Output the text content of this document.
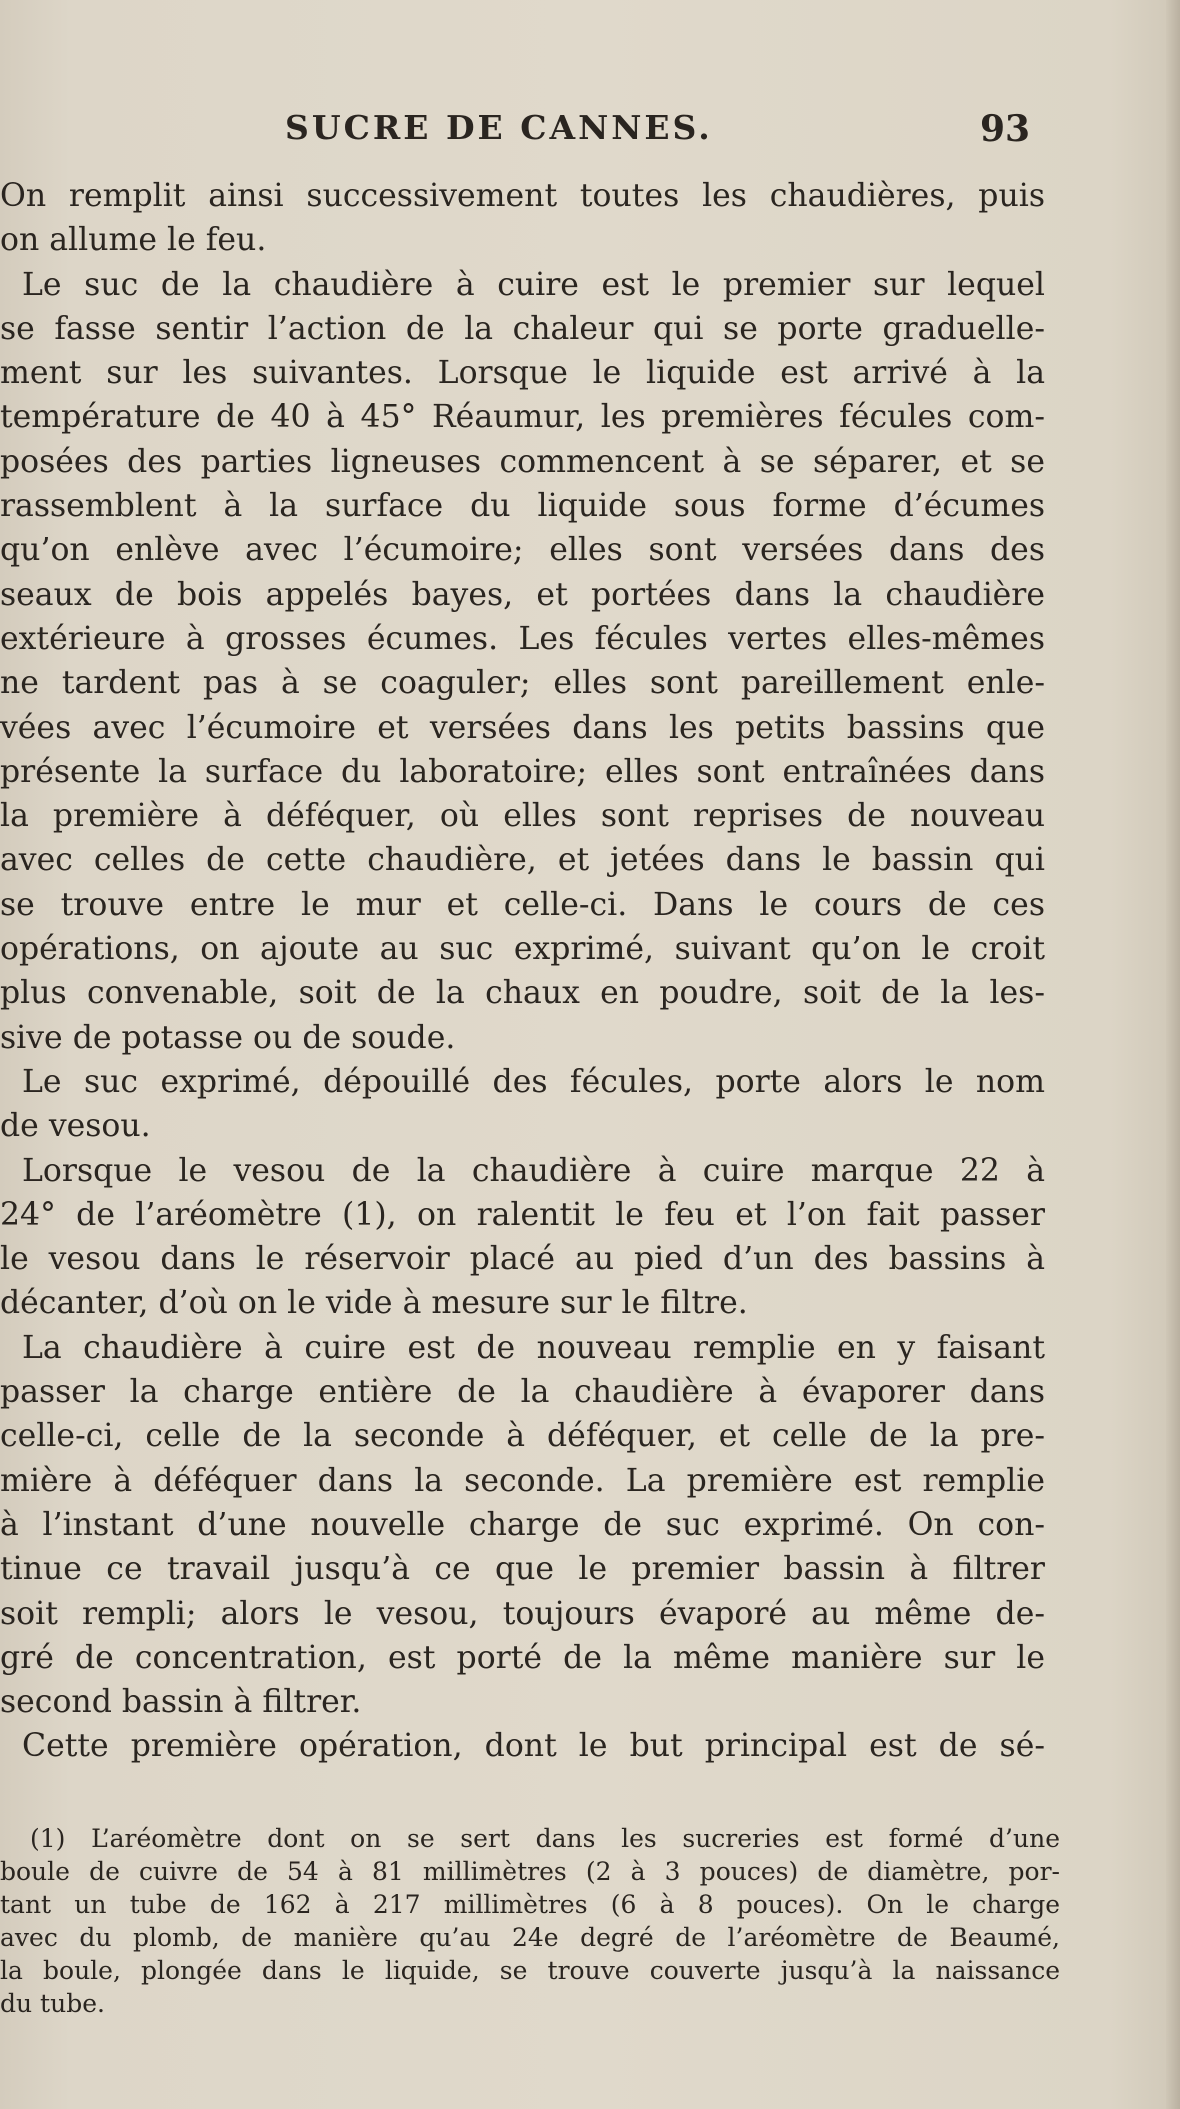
SUCRE DE CANNES.	93
On remplit ainsi successivement toutes les chaudières, puis
on allume le feu.
Le suc de la chaudière à cuire est le premier sur lequel
se fasse sentir l’action de la chaleur qui se porte graduelle-
ment sur les suivantes. Lorsque le liquide est arrivé à la
température de 40 à 45° Réaumur, les premières fécules com-
posées des parties ligneuses commencent à se séparer, et se
rassemblent à la surface du liquide sous forme d’écumes
qu’on enlève avec l’écumoire; elles sont versées dans des
seaux de bois appelés bayes, et portées dans la chaudière
extérieure à grosses écumes. Les fécules vertes elles-mêmes
ne tardent pas à se coaguler; elles sont pareillement enle-
vées avec l’écumoire et versées dans les petits bassins que
présente la surface du laboratoire; elles sont entraînées dans
la première à déféquer, où elles sont reprises de nouveau
avec celles de cette chaudière, et jetées dans le bassin qui
se trouve entre le mur et celle-ci. Dans le cours de ces
opérations, on ajoute au suc exprimé, suivant qu’on le croit
plus convenable, soit de la chaux en poudre, soit de la les-
sive de potasse ou de soude.
Le suc exprimé, dépouillé des fécules, porte alors le nom
de vesou.
Lorsque le vesou de la chaudière à cuire marque 22 à
24° de l’aréomètre (1), on ralentit le feu et l’on fait passer
le vesou dans le réservoir placé au pied d’un des bassins à
décanter, d’où on le vide à mesure sur le filtre.
La chaudière à cuire est de nouveau remplie en y faisant
passer la charge entière de la chaudière à évaporer dans
celle-ci, celle de la seconde à déféquer, et celle de la pre-
mière à déféquer dans la seconde. La première est remplie
à l’instant d’une nouvelle charge de suc exprimé. On con-
tinue ce travail jusqu’à ce que le premier bassin à filtrer
soit rempli; alors le vesou, toujours évaporé au même de-
gré de concentration, est porté de la même manière sur le
second bassin à filtrer.
Cette première opération, dont le but principal est de sé-
(1) L’aréomètre dont on se sert dans les sucreries est formé d’une
boule de cuivre de 54 à 81 millimètres (2 à 3 pouces) de diamètre, por-
tant un tube de 162 à 217 millimètres (6 à 8 pouces). On le charge
avec du plomb, de manière qu’au 24e degré de l’aréomètre de Beaumé,
la boule, plongée dans le liquide, se trouve couverte jusqu’à la naissance
du tube.
